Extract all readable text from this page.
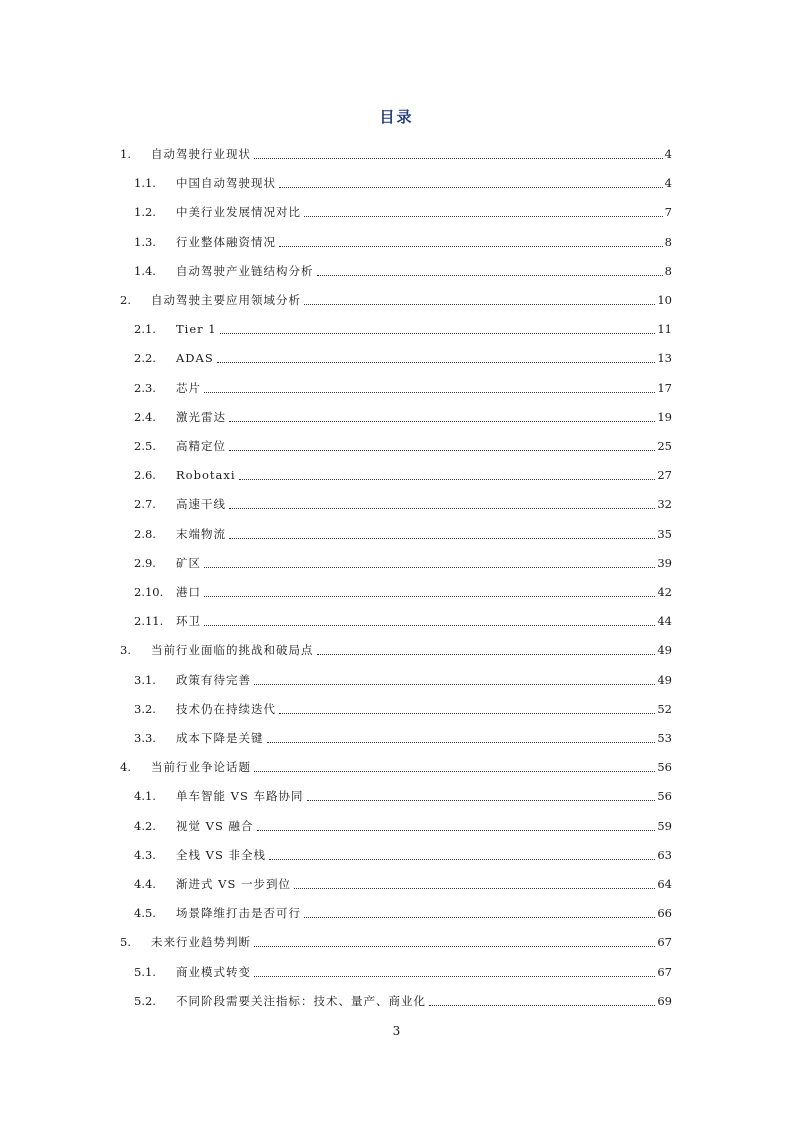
目录
1. 自动驾驶行业现状	4
1.1. 中国自动驾驶现状	4
1.2. 中美行业发展情况对比	7
1.3. 行业整体融资情况	8
1.4. 自动驾驶产业链结构分析	8
2. 自动驾驶主要应用领域分析	10
2.1. Tier 1	11
2.2. ADAS	13
2.3. 芯片	17
2.4. 激光雷达	19
2.5. 高精定位	25
2.6. Robotaxi	27
2.7. 高速干线	32
2.8. 末端物流	35
2.9. 矿区	39
2.10. 港口	42
2.11. 环卫	44
3. 当前行业面临的挑战和破局点	49
3.1. 政策有待完善	49
3.2. 技术仍在持续迭代	52
3.3. 成本下降是关键	53
4. 当前行业争论话题	56
4.1. 单车智能 VS 车路协同	56
4.2. 视觉 VS 融合	59
4.3. 全栈 VS 非全栈	63
4.4. 渐进式 VS 一步到位	64
4.5. 场景降维打击是否可行	66
5. 未来行业趋势判断	67
5.1. 商业模式转变	67
5.2. 不同阶段需要关注指标：技术、量产、商业化	69
3
